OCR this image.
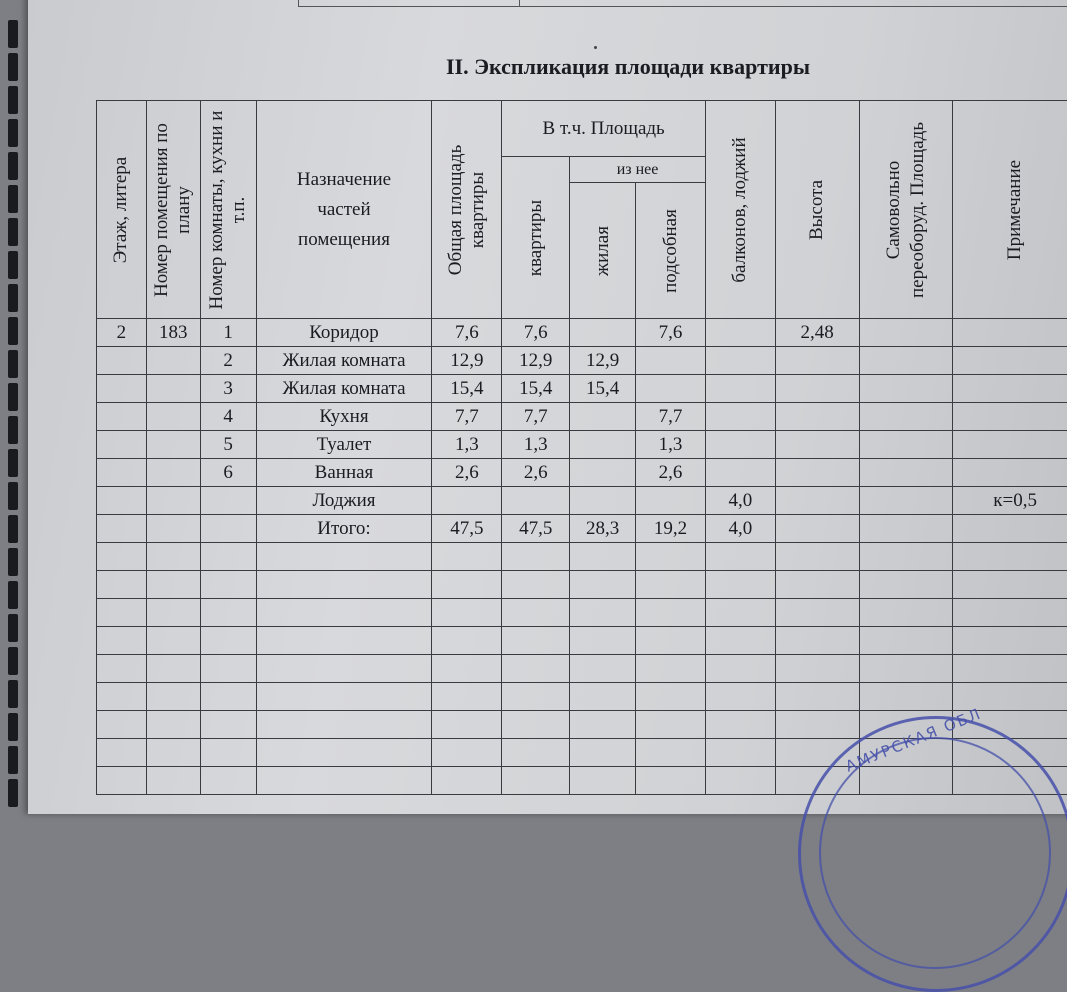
II. Экспликация площади квартиры
Этаж, литера	Номер помещения по плану	Номер комнаты, кухни и т.п.	Назначение частей помещения	Общая площадь квартиры	В т.ч. Площадь			балконов, лоджий	Высота	Самовольно переоборуд. Площадь	Примечание

					квартиры	из нее					

						жилая	подсобная				

2	183	1	Коридор	7,6	7,6		7,6		2,48		
		2	Жилая комната	12,9	12,9	12,9					
		3	Жилая комната	15,4	15,4	15,4					
		4	Кухня	7,7	7,7		7,7				
		5	Туалет	1,3	1,3		1,3				
		6	Ванная	2,6	2,6		2,6				
			Лоджия					4,0			к=0,5
			Итого:	47,5	47,5	28,3	19,2	4,0			

АМУРСКАЯ ОБЛ
